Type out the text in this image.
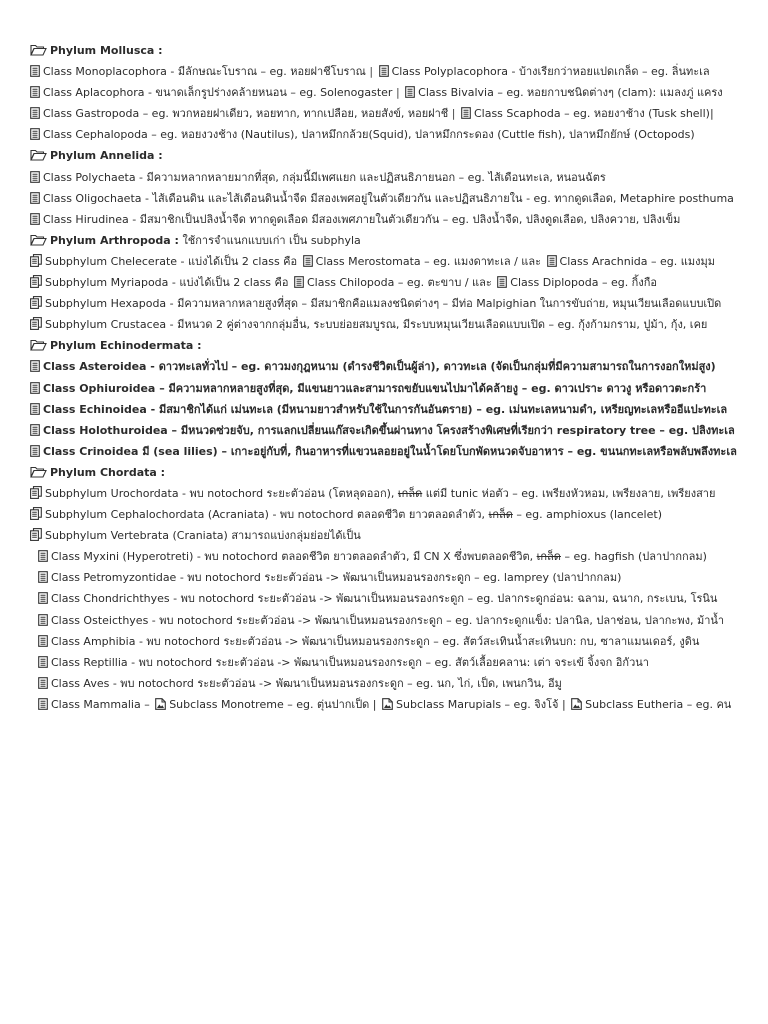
Phylum Mollusca :
Class Monoplacophora - มีลักษณะโบราณ – eg. หอยฝาชีโบราณ | Class Polyplacophora - บ้างเรียกว่าหอยแปดเกล็ด – eg. ลิ่นทะเล
Class Aplacophora - ขนาดเล็กรูปร่างคล้ายหนอน – eg. Solenogaster | Class Bivalvia – eg. หอยกาบชนิดต่างๆ (clam): แมลงภู่ แครง
Class Gastropoda – eg. พวกหอยฝาเดียว, หอยทาก, ทากเปลือย, หอยสังข์, หอยฝาชี | Class Scaphoda – eg. หอยงาช้าง (Tusk shell)|
Class Cephalopoda – eg. หอยงวงช้าง (Nautilus), ปลาหมึกกล้วย(Squid), ปลาหมึกกระดอง (Cuttle fish), ปลาหมึกยักษ์ (Octopods)
Phylum Annelida :
Class Polychaeta - มีความหลากหลายมากที่สุด, กลุ่มนี้มีเพศแยก และปฏิสนธิภายนอก – eg. ไส้เดือนทะเล, หนอนฉัตร
Class Oligochaeta - ไส้เดือนดิน และไส้เดือนดินน้ำจืด มีสองเพศอยู่ในตัวเดียวกัน และปฏิสนธิภายใน - eg. ทากดูดเลือด, Metaphire posthuma
Class Hirudinea - มีสมาชิกเป็นปลิงน้ำจืด ทากดูดเลือด มีสองเพศภายในตัวเดียวกัน – eg. ปลิงน้ำจืด, ปลิงดูดเลือด, ปลิงควาย, ปลิงเข็ม
Phylum Arthropoda : ใช้การจำแนกแบบเก่า เป็น subphyla
Subphylum Chelecerate - แบ่งได้เป็น 2 class คือ Class Merostomata – eg. แมงดาทะเล / และ Class Arachnida – eg. แมงมุม
Subphylum Myriapoda - แบ่งได้เป็น 2 class คือ Class Chilopoda – eg. ตะขาบ / และ Class Diplopoda – eg. กิ้งกือ
Subphylum Hexapoda - มีความหลากหลายสูงที่สุด – มีสมาชิกคือแมลงชนิดต่างๆ – มีท่อ Malpighian ในการขับถ่าย, หมุนเวียนเลือดแบบเปิด
Subphylum Crustacea - มีหนวด 2 คู่ต่างจากกลุ่มอื่น, ระบบย่อยสมบูรณ, มีระบบหมุนเวียนเลือดแบบเปิด – eg. กุ้งก้ามกราม, ปูม้า, กุ้ง, เคย
Phylum Echinodermata :
Class Asteroidea - ดาวทะเลทั่วไป – eg. ดาวมงกุฎหนาม (ดำรงชีวิตเป็นผู้ล่า), ดาวทะเล (จัดเป็นกลุ่มที่มีความสามารถในการงอกใหม่สูง)
Class Ophiuroidea – มีความหลากหลายสูงที่สุด, มีแขนยาวและสามารถขยับแขนไปมาได้คล้ายงู – eg. ดาวเปราะ ดาวงู หรือดาวตะกร้า
Class Echinoidea - มีสมาชิกได้แก่ เม่นทะเล (มีหนามยาวสำหรับใช้ในการกันอันตราย) – eg. เม่นทะเลหนามดำ, เหรียญทะเลหรืออีแปะทะเล
Class Holothuroidea – มีหนวดซ่วยจับ, การแลกเปลี่ยนแก๊สจะเกิดขึ้นผ่านทาง โครงสร้างพิเศษที่เรียกว่า respiratory tree – eg. ปลิงทะเล
Class Crinoidea มี (sea lilies) – เกาะอยู่กับที่, กินอาหารที่แขวนลอยอยู่ในน้ำโดยโบกพัดหนวดจับอาหาร – eg. ขนนกทะเลหรือพลับพลึงทะเล
Phylum Chordata :
Subphylum Urochordata - พบ notochord ระยะตัวอ่อน (โตหลุดออก), เกล็ด แต่มี tunic ห่อตัว – eg. เพรียงหัวหอม, เพรียงลาย, เพรียงสาย
Subphylum Cephalochordata (Acraniata) - พบ notochord ตลอดชีวิต ยาวตลอดลำตัว, เกล็ด – eg. amphioxus (lancelet)
Subphylum Vertebrata (Craniata) สามารถแบ่งกลุ่มย่อยได้เป็น
Class Myxini (Hyperotreti) - พบ notochord ตลอดชีวิต ยาวตลอดลำตัว, มี CN X ซึ่งพบตลอดชีวิต, เกล็ด – eg. hagfish (ปลาปากกลม)
Class Petromyzontidae - พบ notochord ระยะตัวอ่อน -> พัฒนาเป็นหมอนรองกระดูก – eg. lamprey (ปลาปากกลม)
Class Chondrichthyes - พบ notochord ระยะตัวอ่อน -> พัฒนาเป็นหมอนรองกระดูก – eg. ปลากระดูกอ่อน: ฉลาม, ฉนาก, กระเบน, โรนิน
Class Osteicthyes - พบ notochord ระยะตัวอ่อน -> พัฒนาเป็นหมอนรองกระดูก – eg. ปลากระดูกแข็ง: ปลานิล, ปลาช่อน, ปลากะพง, ม้าน้ำ
Class Amphibia - พบ notochord ระยะตัวอ่อน -> พัฒนาเป็นหมอนรองกระดูก – eg. สัตว์สะเทินน้ำสะเทินบก: กบ, ซาลาแมนเดอร์, งูดิน
Class Reptillia - พบ notochord ระยะตัวอ่อน -> พัฒนาเป็นหมอนรองกระดูก – eg. สัตว์เลื้อยคลาน: เต่า จระเข้ จิ้งจก อิกัวนา
Class Aves - พบ notochord ระยะตัวอ่อน -> พัฒนาเป็นหมอนรองกระดูก – eg. นก, ไก่, เป็ด, เพนกวิน, อีมู
Class Mammalia – Subclass Monotreme – eg. ตุ่นปากเป็ด | Subclass Marupials – eg. จิงโจ้ | Subclass Eutheria – eg. คน
